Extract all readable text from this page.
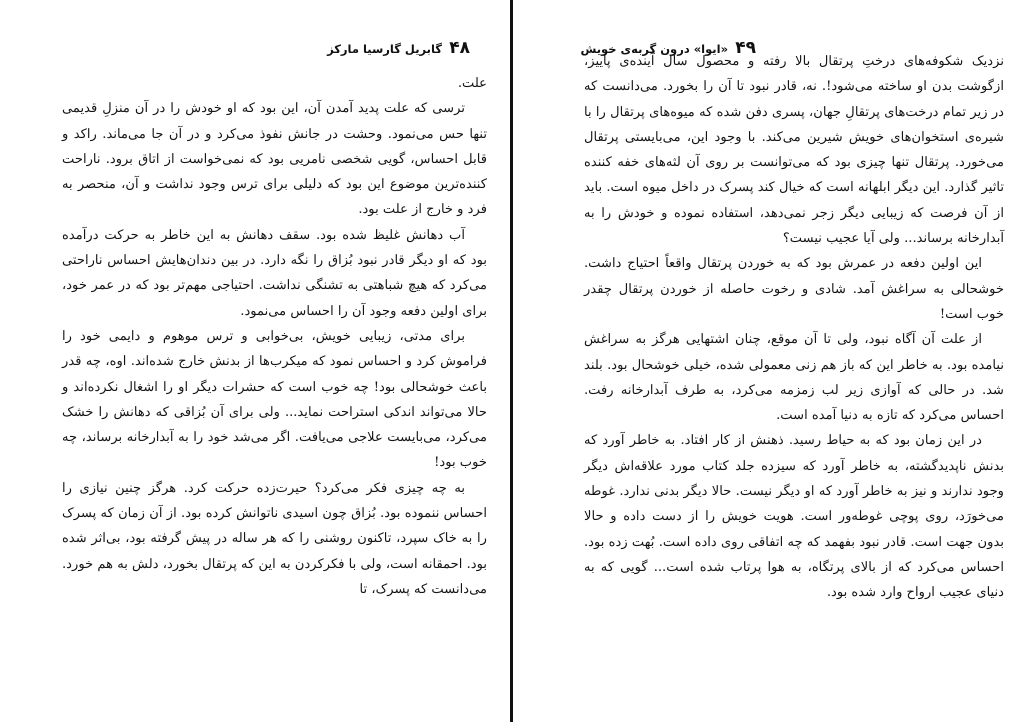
۴۸
گابریل گارسیا مارکز

علت.

ترسی که علت پدید آمدن آن، این بود که او خودش را در آن منزلِ قدیمی تنها حس می‌نمود. وحشت در جانش نفوذ می‌کرد و در آن جا می‌ماند. راکد و قابل احساس، گویی شخصی نامریی بود که نمی‌خواست از اتاق برود. ناراحت کننده‌ترین موضوع این بود که دلیلی برای ترس وجود نداشت و آن، منحصر به فرد و خارج از علت بود.

آب دهانش غلیظ شده بود. سقف دهانش به این خاطر به حرکت درآمده بود که او دیگر قادر نبود بُزاق را نگه دارد. در بین دندان‌هایش احساس ناراحتی می‌کرد که هیچ شباهتی به تشنگی نداشت. احتیاجی مهم‌تر بود که در عمر خود، برای اولین دفعه وجود آن را احساس می‌نمود.

برای مدتی، زیبایی خویش، بی‌خوابی و ترس موهوم و دایمی خود را فراموش کرد و احساس نمود که میکرب‌ها از بدنش خارج شده‌اند. اوه، چه قدر باعث خوشحالی بود! چه خوب است که حشرات دیگر او را اشغال نکرده‌اند و حالا می‌تواند اندکی استراحت نماید... ولی برای آن بُزاقی که دهانش را خشک می‌کرد، می‌بایست علاجی می‌یافت. اگر می‌شد خود را به آبدارخانه برساند، چه خوب بود!

به چه چیزی فکر می‌کرد؟ حیرت‌زده حرکت کرد. هرگز چنین نیازی را احساس ننموده بود. بُزاق چون اسیدی ناتوانش کرده بود. از آن زمان که پسرک را به خاک سپرد، تاکنون روشنی را که هر ساله در پیش گرفته بود، بی‌اثر شده بود. احمقانه است، ولی با فکرکردن به این که پرتقال بخورد، دلش به هم خورد. می‌دانست که پسرک، تا

۴۹
«ایوا» درون گربه‌ی خویش

نزدیک شکوفه‌های درختِ پرتقال بالا رفته و محصول سال آینده‌ی پاییز، ازگوشت بدن او ساخته می‌شود!. نه، قادر نبود تا آن را بخورد. می‌دانست که در زیر تمام درخت‌های پرتقالِ جهان، پسری دفن شده که میوه‌های پرتقال را با شیره‌ی استخوان‌های خویش شیرین می‌کند. با وجود این، می‌بایستی پرتقال می‌خورد. پرتقال تنها چیزی بود که می‌توانست بر روی آن لثه‌های خفه کننده تاثیر گذارد. این دیگر ابلهانه است که خیال کند پسرک در داخل میوه است. باید از آن فرصت که زیبایی دیگر زجر نمی‌دهد، استفاده نموده و خودش را به آبدارخانه برساند... ولی آیا عجیب نیست؟

این اولین دفعه در عمرش بود که به خوردن پرتقال واقعاً احتیاج داشت. خوشحالی به سراغش آمد. شادی و رخوت حاصله از خوردن پرتقال چقدر خوب است!

از علت آن آگاه نبود، ولی تا آن موقع، چنان اشتهایی هرگز به سراغش نیامده بود. به خاطر این که باز هم زنی معمولی شده، خیلی خوشحال بود. بلند شد. در حالی که آوازی زیر لب زمزمه می‌کرد، به طرف آبدارخانه رفت. احساس می‌کرد که تازه به دنیا آمده است.

در این زمان بود که به حیاط رسید. ذهنش از کار افتاد. به خاطر آورد که بدنش ناپدیدگشته، به خاطر آورد که سیزده جلد کتاب مورد علاقه‌اش دیگر وجود ندارند و نیز به خاطر آورد که او دیگر نیست. حالا دیگر بدنی ندارد. غوطه می‌خورَد، روی پوچی غوطه‌ور است. هویت خویش را از دست داده و حالا بدون جهت است. قادر نبود بفهمد که چه اتفاقی روی داده است. بُهت زده بود. احساس می‌کرد که از بالای پرتگاه، به هوا پرتاب شده است... گویی که به دنیای عجیب ارواح وارد شده بود.
